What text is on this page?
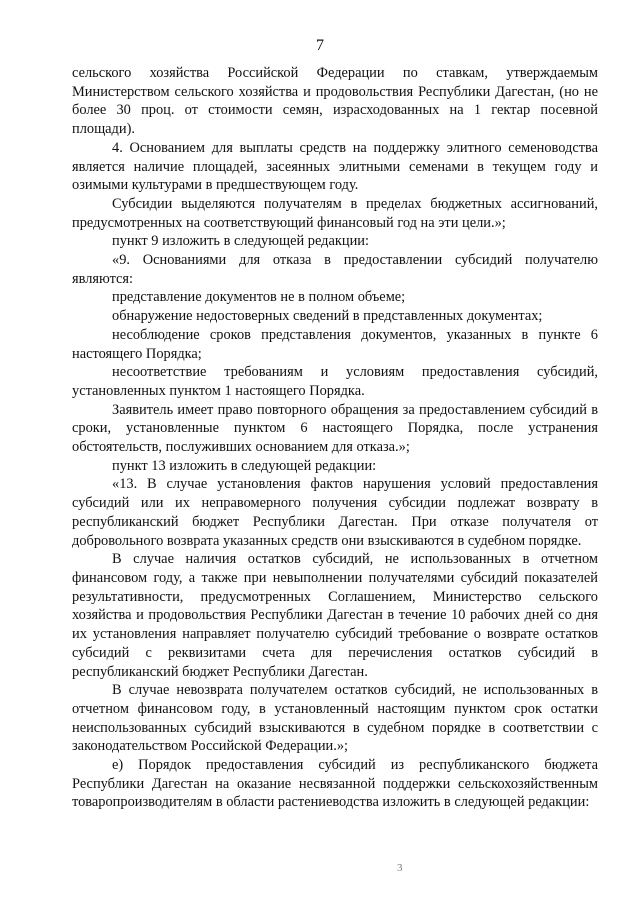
7

сельского хозяйства Российской Федерации по ставкам, утверждаемым Министерством сельского хозяйства и продовольствия Республики Дагестан, (но не более 30 проц. от стоимости семян, израсходованных на 1 гектар посевной площади).

4. Основанием для выплаты средств на поддержку элитного семеноводства является наличие площадей, засеянных элитными семенами в текущем году и озимыми культурами в предшествующем году.

Субсидии выделяются получателям в пределах бюджетных ассигнований, предусмотренных на соответствующий финансовый год на эти цели.»;

пункт 9 изложить в следующей редакции:

«9. Основаниями для отказа в предоставлении субсидий получателю являются:

представление документов не в полном объеме;

обнаружение недостоверных сведений в представленных документах;

несоблюдение сроков представления документов, указанных в пункте 6 настоящего Порядка;

несоответствие требованиям и условиям предоставления субсидий, установленных пунктом 1 настоящего Порядка.

Заявитель имеет право повторного обращения за предоставлением субсидий в сроки, установленные пунктом 6 настоящего Порядка, после устранения обстоятельств, послуживших основанием для отказа.»;

пункт 13 изложить в следующей редакции:

«13. В случае установления фактов нарушения условий предоставления субсидий или их неправомерного получения субсидии подлежат возврату в республиканский бюджет Республики Дагестан. При отказе получателя от добровольного возврата указанных средств они взыскиваются в судебном порядке.

В случае наличия остатков субсидий, не использованных в отчетном финансовом году, а также при невыполнении получателями субсидий показателей результативности, предусмотренных Соглашением, Министерство сельского хозяйства и продовольствия Республики Дагестан в течение 10 рабочих дней со дня их установления направляет получателю субсидий требование о возврате остатков субсидий с реквизитами счета для перечисления остатков субсидий в республиканский бюджет Республики Дагестан.

В случае невозврата получателем остатков субсидий, не использованных в отчетном финансовом году, в установленный настоящим пунктом срок остатки неиспользованных субсидий взыскиваются в судебном порядке в соответствии с законодательством Российской Федерации.»;

е) Порядок предоставления субсидий из республиканского бюджета Республики Дагестан на оказание несвязанной поддержки сельскохозяйственным товаропроизводителям в области растениеводства изложить в следующей редакции:

3
